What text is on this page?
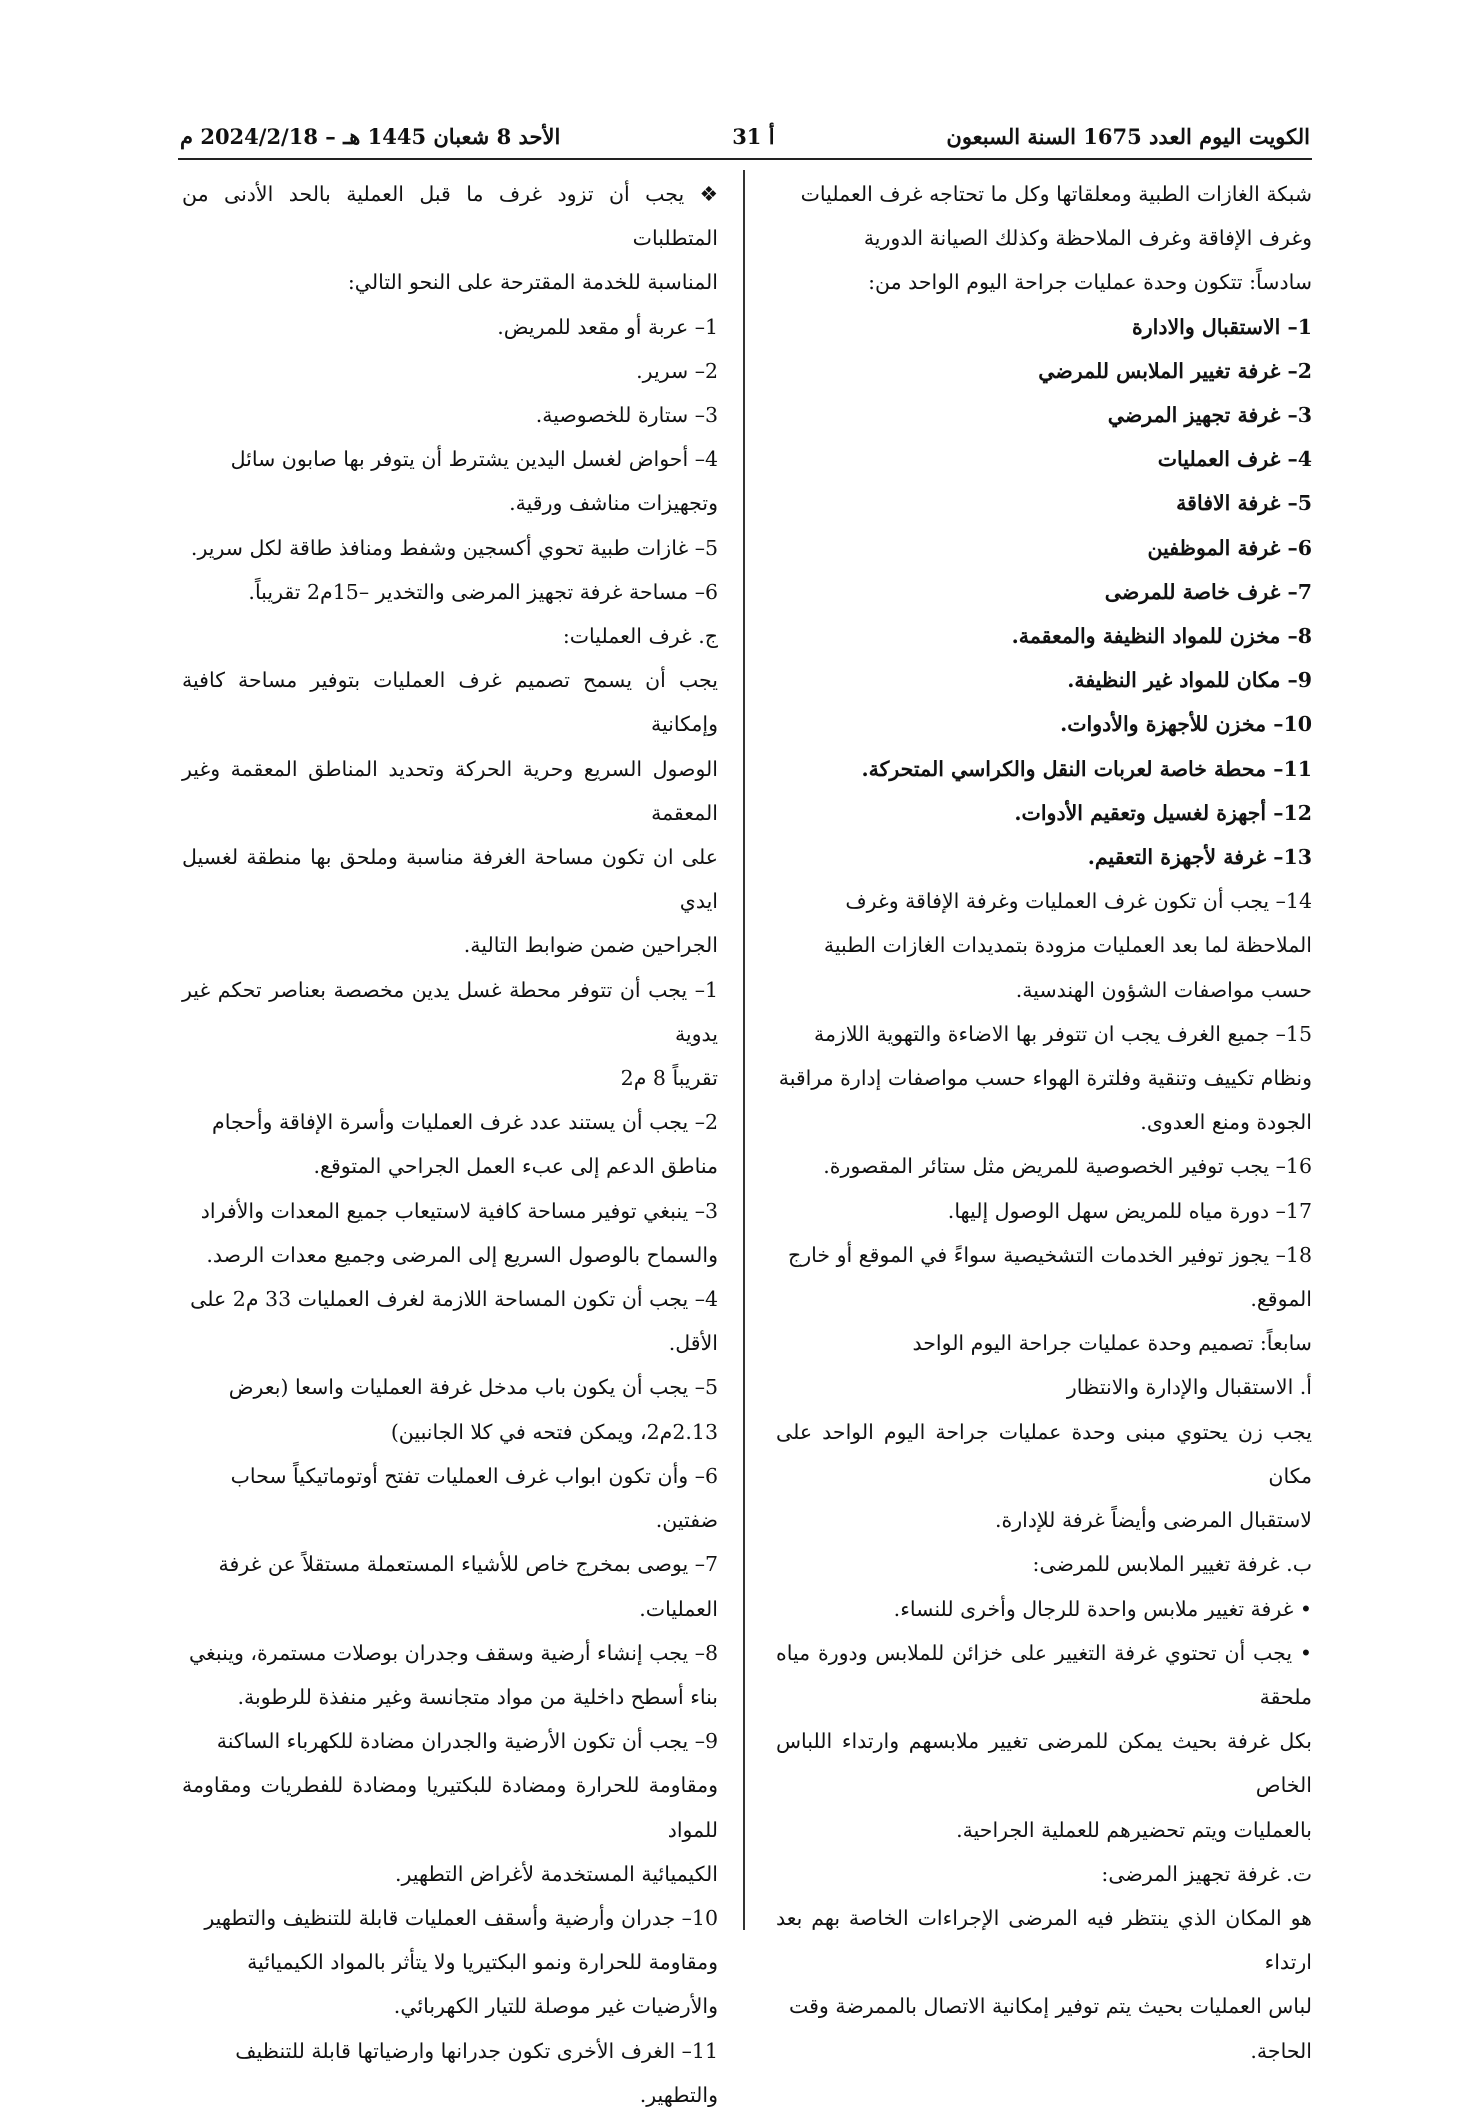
الأحد 8 شعبان 1445 هـ – 2024/2/18 م	أ 31	الكويت اليوم العدد 1675 السنة السبعون

شبكة الغازات الطبية ومعلقاتها وكل ما تحتاجه غرف العمليات

وغرف الإفاقة وغرف الملاحظة وكذلك الصيانة الدورية

سادساً: تتكون وحدة عمليات جراحة اليوم الواحد من:

1– الاستقبال والادارة

2– غرفة تغيير الملابس للمرضي

3– غرفة تجهيز المرضي

4– غرف العمليات

5– غرفة الافاقة

6– غرفة الموظفين

7– غرف خاصة للمرضى

8– مخزن للمواد النظيفة والمعقمة.

9– مكان للمواد غير النظيفة.

10– مخزن للأجهزة والأدوات.

11– محطة خاصة لعربات النقل والكراسي المتحركة.

12– أجهزة لغسيل وتعقيم الأدوات.

13– غرفة لأجهزة التعقيم.

14– يجب أن تكون غرف العمليات وغرفة الإفاقة وغرف

الملاحظة لما بعد العمليات مزودة بتمديدات الغازات الطبية

حسب مواصفات الشؤون الهندسية.

15– جميع الغرف يجب ان تتوفر بها الاضاءة والتهوية اللازمة

ونظام تكييف وتنقية وفلترة الهواء حسب مواصفات إدارة مراقبة

الجودة ومنع العدوى.

16– يجب توفير الخصوصية للمريض مثل ستائر المقصورة.

17– دورة مياه للمريض سهل الوصول إليها.

18– يجوز توفير الخدمات التشخيصية سواءً في الموقع أو خارج

الموقع.

سابعاً: تصميم وحدة عمليات جراحة اليوم الواحد

أ. الاستقبال والإدارة والانتظار

يجب زن يحتوي مبنى وحدة عمليات جراحة اليوم الواحد على مكان

لاستقبال المرضى وأيضاً غرفة للإدارة.

ب. غرفة تغيير الملابس للمرضى:

• غرفة تغيير ملابس واحدة للرجال وأخرى للنساء.

• يجب أن تحتوي غرفة التغيير على خزائن للملابس ودورة مياه ملحقة

بكل غرفة بحيث يمكن للمرضى تغيير ملابسهم وارتداء اللباس الخاص

بالعمليات ويتم تحضيرهم للعملية الجراحية.

ت. غرفة تجهيز المرضى:

هو المكان الذي ينتظر فيه المرضى الإجراءات الخاصة بهم بعد ارتداء

لباس العمليات بحيث يتم توفير إمكانية الاتصال بالممرضة وقت

الحاجة.

❖ يجب أن تزود غرف ما قبل العملية بالحد الأدنى من المتطلبات

المناسبة للخدمة المقترحة على النحو التالي:

1– عربة أو مقعد للمريض.

2– سرير.

3– ستارة للخصوصية.

4– أحواض لغسل اليدين يشترط أن يتوفر بها صابون سائل

وتجهيزات مناشف ورقية.

5– غازات طبية تحوي أكسجين وشفط ومنافذ طاقة لكل سرير.

6– مساحة غرفة تجهيز المرضى والتخدير –15م2 تقريباً.

ج. غرف العمليات:

يجب أن يسمح تصميم غرف العمليات بتوفير مساحة كافية وإمكانية

الوصول السريع وحرية الحركة وتحديد المناطق المعقمة وغير المعقمة

على ان تكون مساحة الغرفة مناسبة وملحق بها منطقة لغسيل ايدي

الجراحين ضمن ضوابط التالية.

1– يجب أن تتوفر محطة غسل يدين مخصصة بعناصر تحكم غير يدوية

تقريباً 8 م2

2– يجب أن يستند عدد غرف العمليات وأسرة الإفاقة وأحجام

مناطق الدعم إلى عبء العمل الجراحي المتوقع.

3– ينبغي توفير مساحة كافية لاستيعاب جميع المعدات والأفراد

والسماح بالوصول السريع إلى المرضى وجميع معدات الرصد.

4– يجب أن تكون المساحة اللازمة لغرف العمليات 33 م2 على

الأقل.

5– يجب أن يكون باب مدخل غرفة العمليات واسعا (بعرض

2.13م2، ويمكن فتحه في كلا الجانبين)

6– وأن تكون ابواب غرف العمليات تفتح أوتوماتيكياً سحاب

ضفتين.

7– يوصى بمخرج خاص للأشياء المستعملة مستقلاً عن غرفة

العمليات.

8– يجب إنشاء أرضية وسقف وجدران بوصلات مستمرة، وينبغي

بناء أسطح داخلية من مواد متجانسة وغير منفذة للرطوبة.

9– يجب أن تكون الأرضية والجدران مضادة للكهرباء الساكنة

ومقاومة للحرارة ومضادة للبكتيريا ومضادة للفطريات ومقاومة للمواد

الكيميائية المستخدمة لأغراض التطهير.

10– جدران وأرضية وأسقف العمليات قابلة للتنظيف والتطهير

ومقاومة للحرارة ونمو البكتيريا ولا يتأثر بالمواد الكيميائية

والأرضيات غير موصلة للتيار الكهربائي.

11– الغرف الأخرى تكون جدرانها وارضياتها قابلة للتنظيف

والتطهير.
